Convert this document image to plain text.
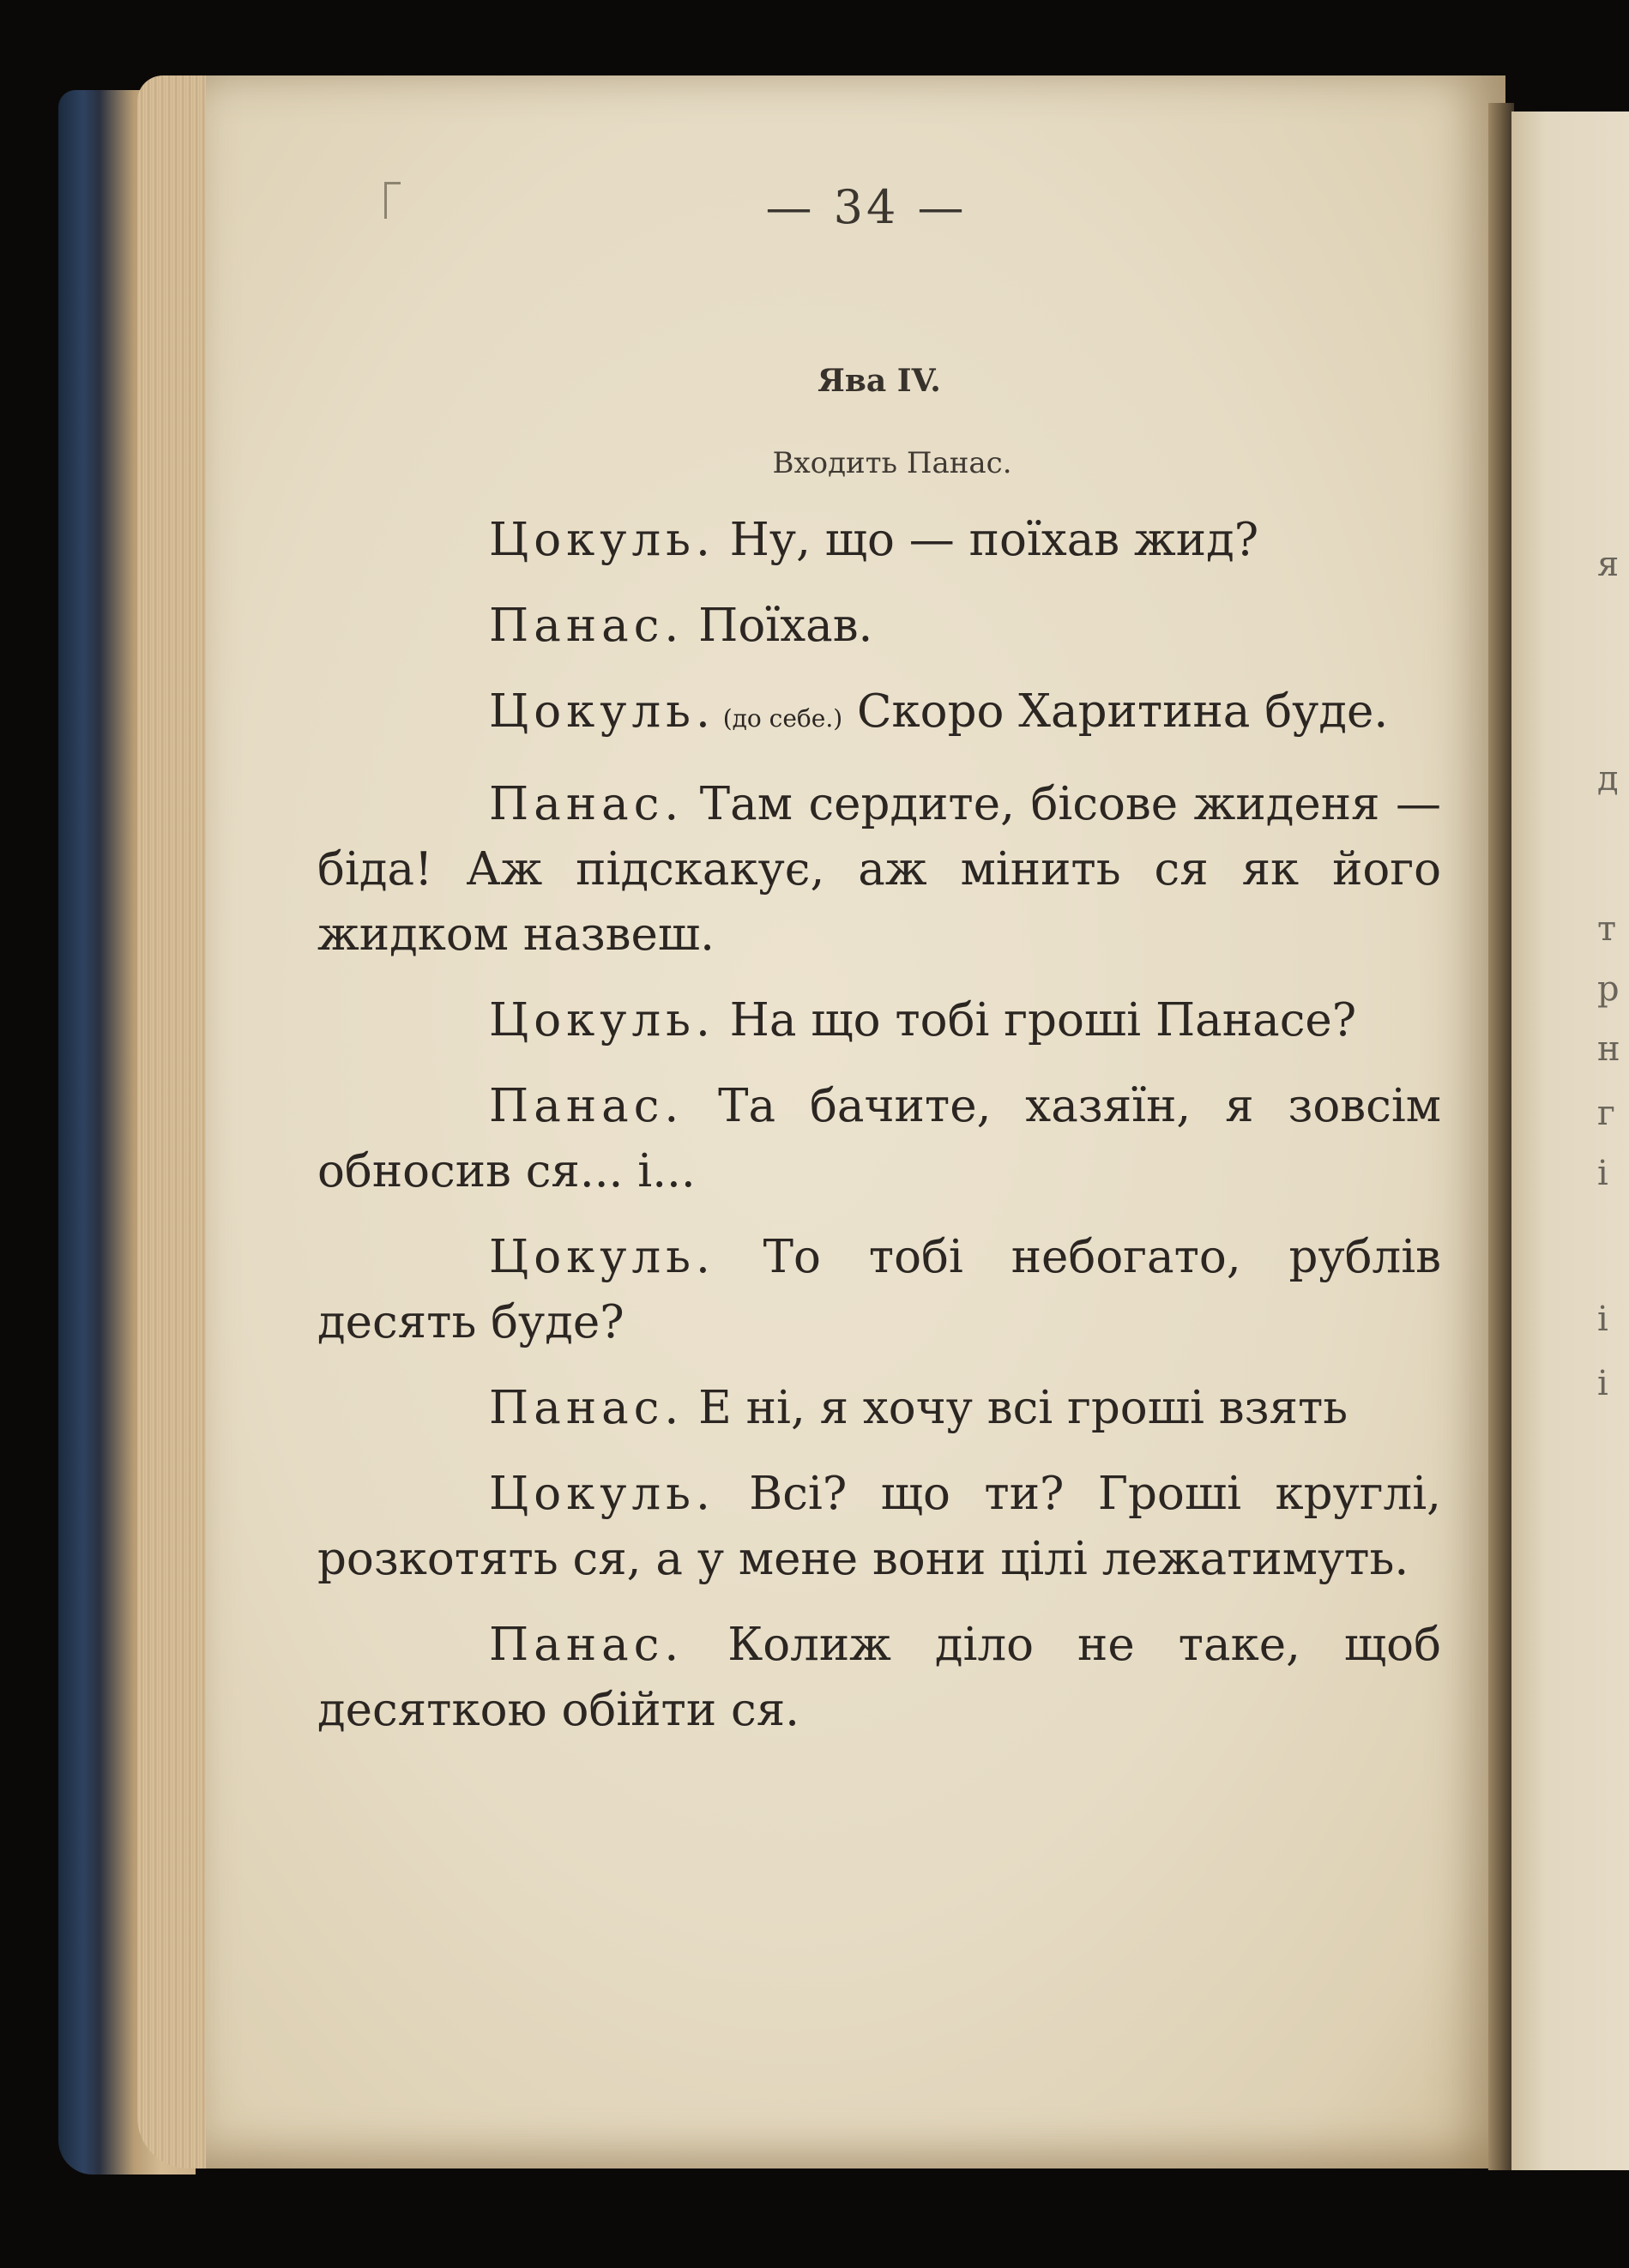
я

д

т

р

н

г

і

і

і

— 34 —

Ява IV.

Входить Панас.

Цокуль. Ну, що — поїхав жид?

Панас. Поїхав.

Цокуль. (до себе.) Скоро Харитина буде.

Панас. Там сердите, бісове жиденя — біда! Аж підскакує, аж мінить ся як його жидком назвеш.

Цокуль. На що тобі гроші Панасе?

Панас. Та бачите, хазяїн, я зовсім обносив ся... і...

Цокуль. То тобі небогато, рублів десять буде?

Панас. Е ні, я хочу всі гроші взять

Цокуль. Всі? що ти? Гроші круглі, розкотять ся, а у мене вони цілі лежатимуть.

Панас. Колиж діло не таке, щоб десяткою обійти ся.
